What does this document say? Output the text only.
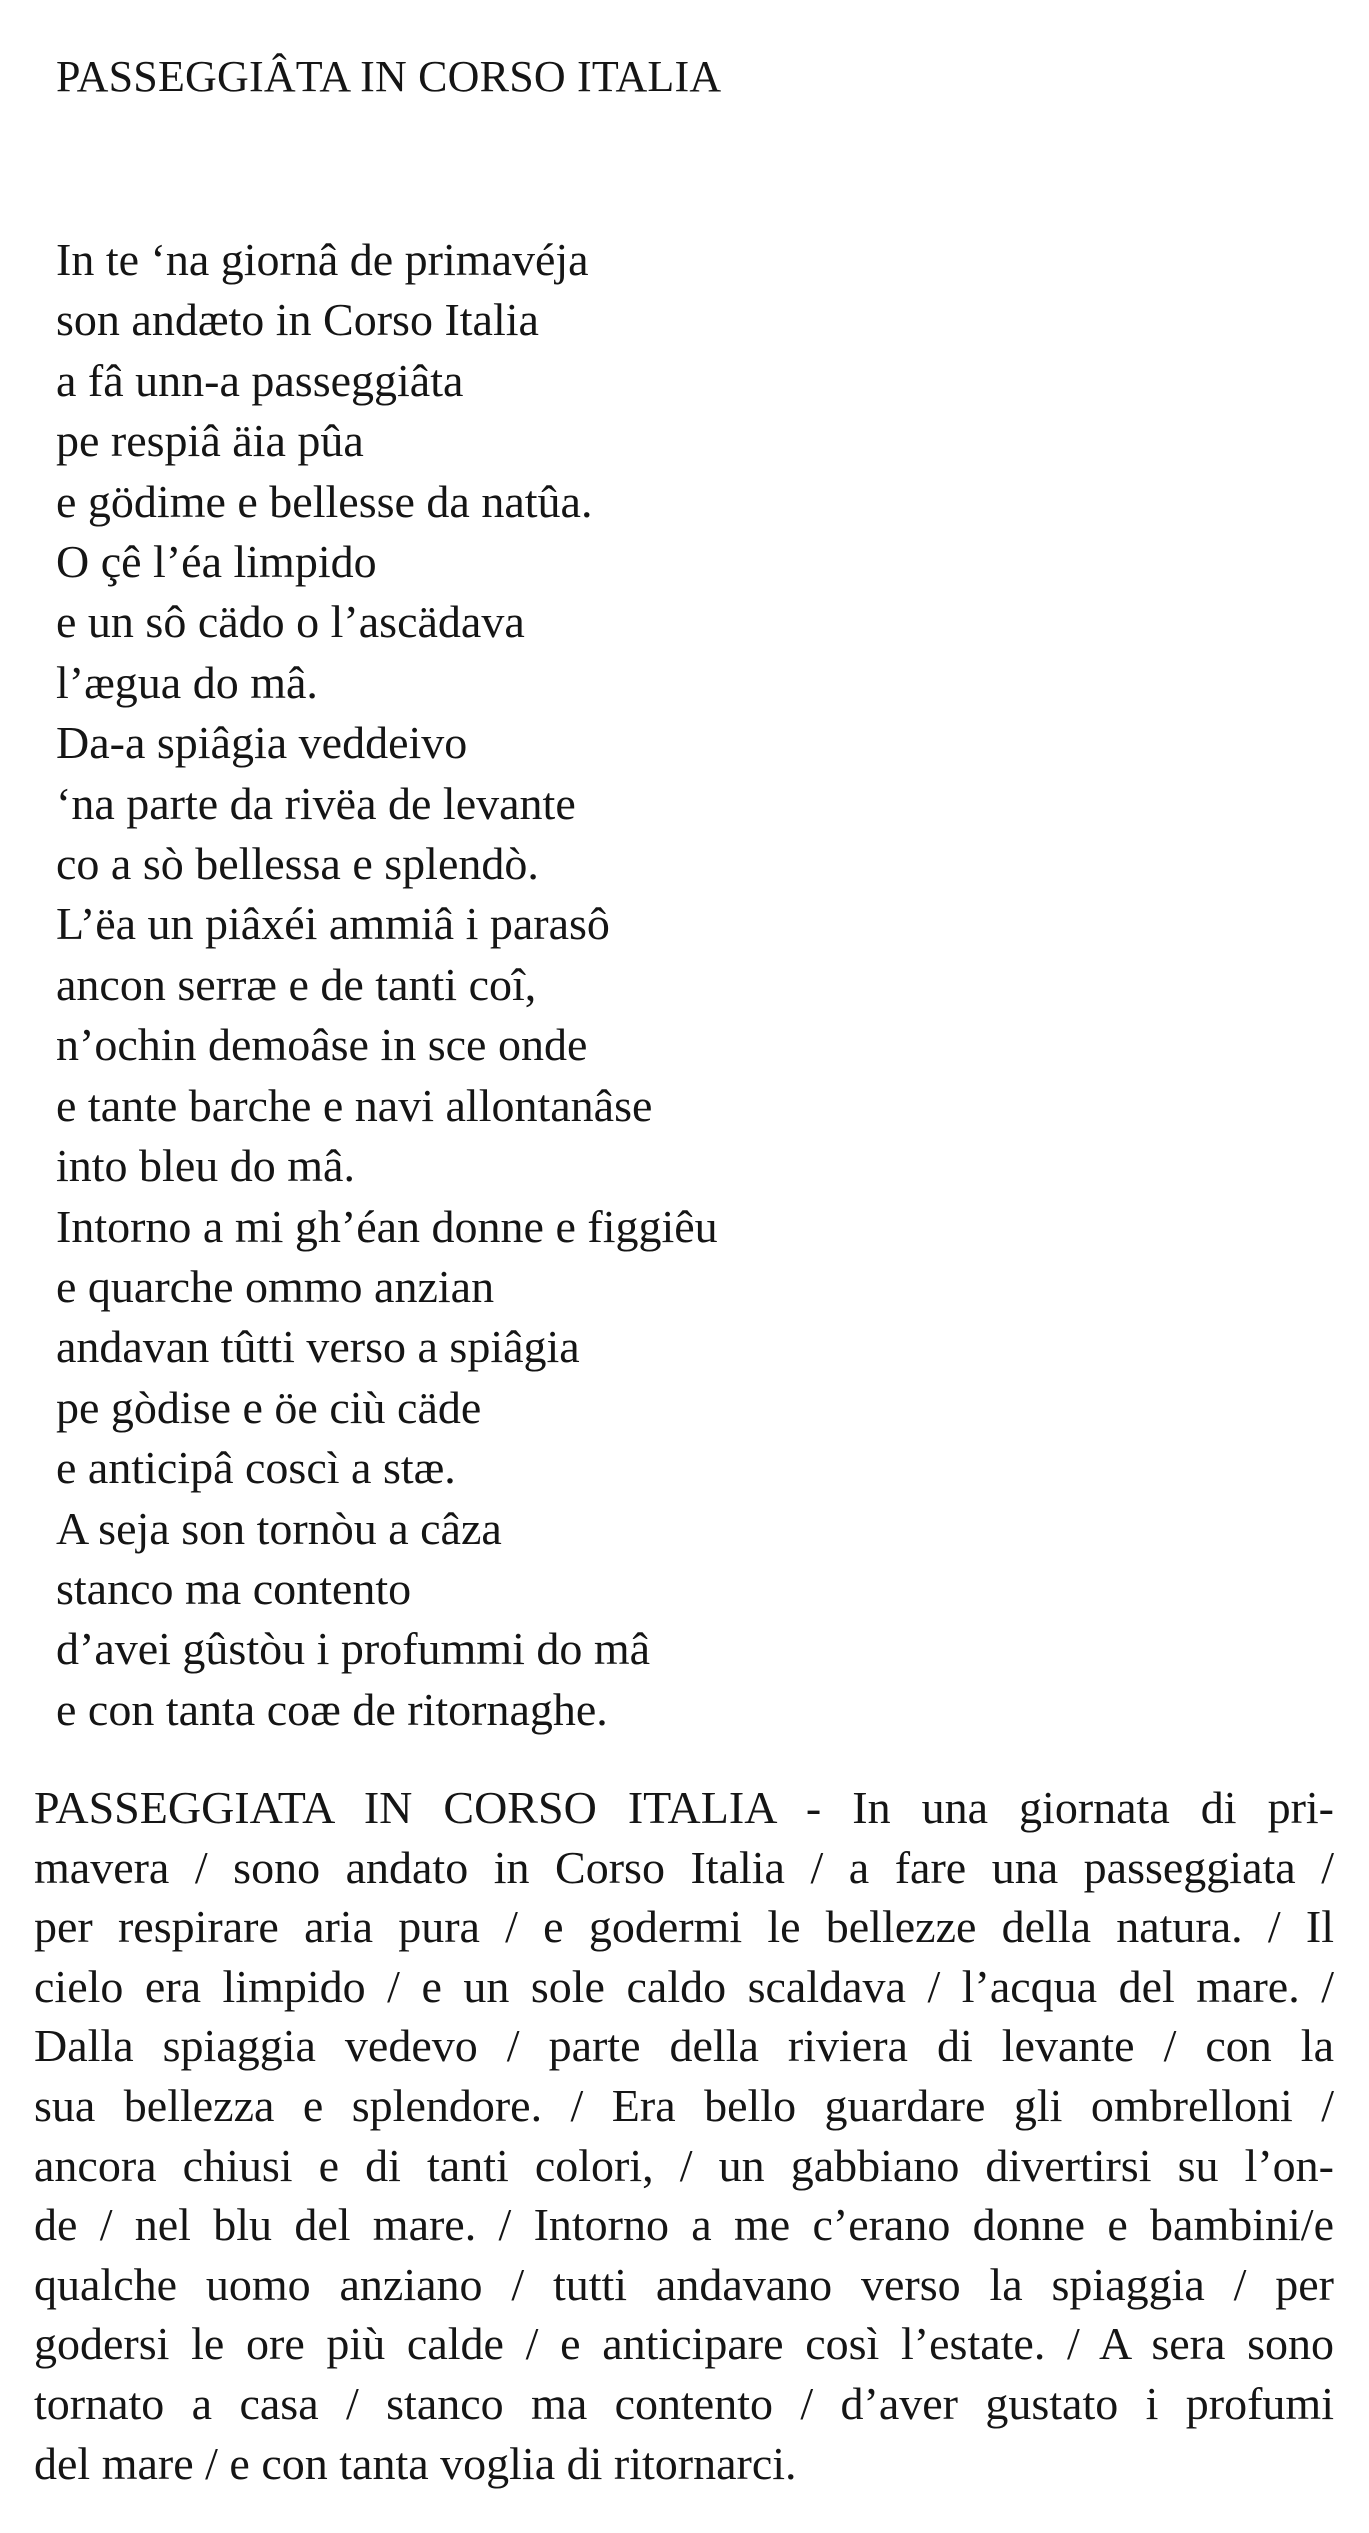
PASSEGGIÂTA IN CORSO ITALIA
In te ‘na giornâ de primavéja
son andæto in Corso Italia
a fâ unn-a passeggiâta
pe respiâ äia pûa
e gödime e bellesse da natûa.
O çê l’éa limpido
e un sô cädo o l’ascädava
l’ægua do mâ.
Da-a spiâgia veddeivo
‘na parte da rivëa de levante
co a sò bellessa e splendò.
L’ëa un piâxéi ammiâ i parasô
ancon serræ e de tanti coî,
n’ochin demoâse in sce onde
e tante barche e navi allontanâse
into bleu do mâ.
Intorno a mi gh’éan donne e figgiêu
e quarche ommo anzian
andavan tûtti verso a spiâgia
pe gòdise e öe ciù cäde
e anticipâ coscì a stæ.
A seja son tornòu a câza
stanco ma contento
d’avei gûstòu i profummi do mâ
e con tanta coæ de ritornaghe.
PASSEGGIATA IN CORSO ITALIA - In una giornata di pri-
mavera / sono andato in Corso Italia / a fare una passeggiata /
per respirare aria pura / e godermi le bellezze della natura. / Il
cielo era limpido / e un sole caldo scaldava / l’acqua del mare. /
Dalla spiaggia vedevo / parte della riviera di levante / con la
sua bellezza e splendore. / Era bello guardare gli ombrelloni /
ancora chiusi e di tanti colori, / un gabbiano divertirsi su l’on-
de / nel blu del mare. / Intorno a me c’erano donne e bambini/e
qualche uomo anziano / tutti andavano verso la spiaggia / per
godersi le ore più calde / e anticipare così l’estate. / A sera sono
tornato a casa / stanco ma contento / d’aver gustato i profumi
del mare / e con tanta voglia di ritornarci.
